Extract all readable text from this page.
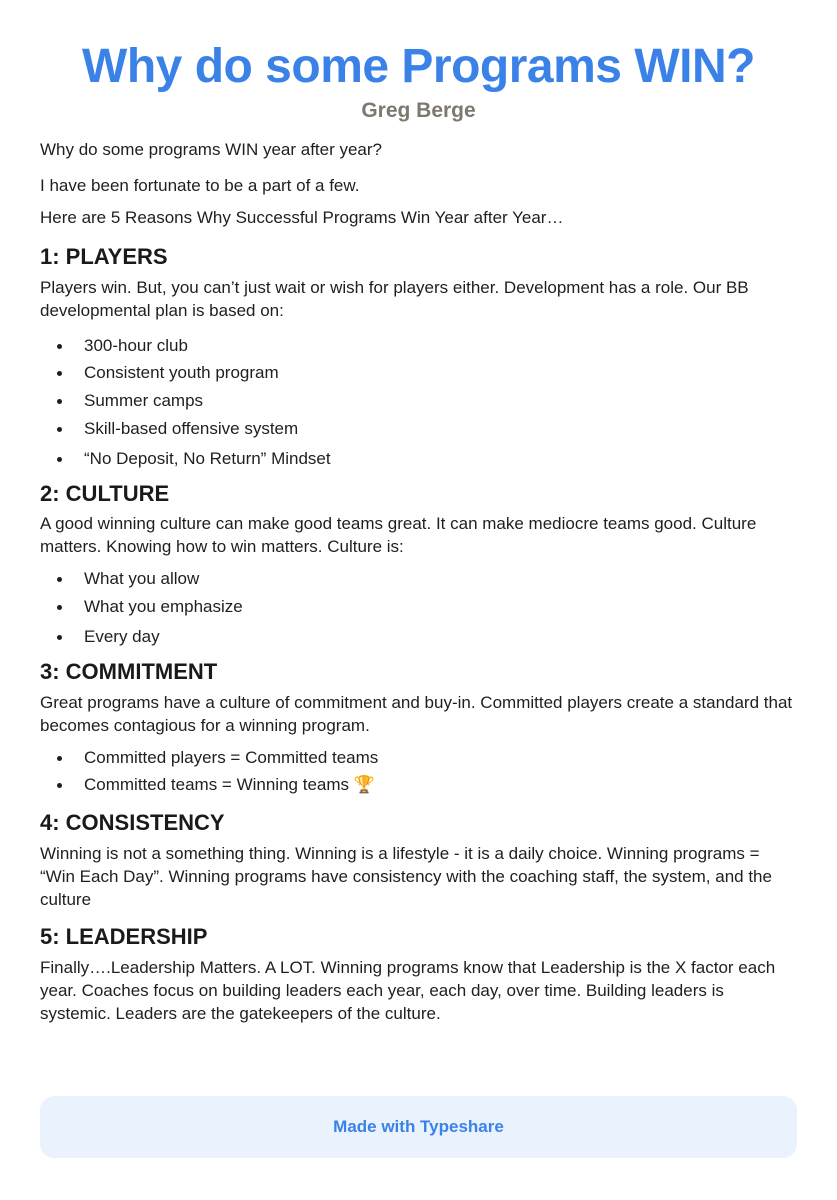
Why do some Programs WIN?
Greg Berge

Why do some programs WIN year after year?

I have been fortunate to be a part of a few.

Here are 5 Reasons Why Successful Programs Win Year after Year…

1: PLAYERS

Players win. But, you can’t just wait or wish for players either. Development has a role. Our BB developmental plan is based on:

300-hour club
Consistent youth program
Summer camps
Skill-based offensive system
“No Deposit, No Return” Mindset
2: CULTURE

A good winning culture can make good teams great. It can make mediocre teams good. Culture matters. Knowing how to win matters. Culture is:

What you allow
What you emphasize
Every day
3: COMMITMENT

Great programs have a culture of commitment and buy-in. Committed players create a standard that becomes contagious for a winning program.

Committed players = Committed teams
Committed teams = Winning teams 🏆
4: CONSISTENCY

Winning is not a something thing. Winning is a lifestyle - it is a daily choice. Winning programs = “Win Each Day”. Winning programs have consistency with the coaching staff, the system, and the culture

5: LEADERSHIP

Finally….Leadership Matters. A LOT. Winning programs know that Leadership is the X factor each year. Coaches focus on building leaders each year, each day, over time. Building leaders is systemic. Leaders are the gatekeepers of the culture.

Made with Typeshare
